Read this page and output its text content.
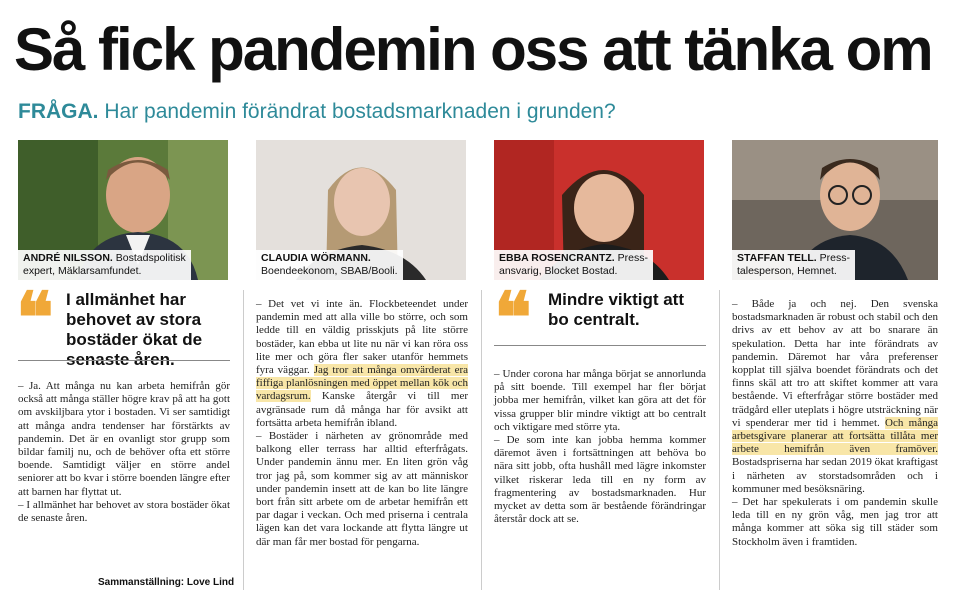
Så fick pandemin oss att tänka om
FRÅGA. Har pandemin förändrat bostadsmarknaden i grunden?
ANDRÉ NILSSON. Bostadspolitisk
expert, Mäklarsamfundet.
CLAUDIA WÖRMANN.
Boendeekonom, SBAB/Booli.
EBBA ROSENCRANTZ. Press-
ansvarig, Blocket Bostad.
STAFFAN TELL. Press-
talesperson, Hemnet.
❝ I allmänhet har behovet av stora bostäder ökat de senaste åren.

– Ja. Att många nu kan arbeta hemifrån gör också att många ställer högre krav på att ha gott om avskiljbara ytor i bostaden. Vi ser samtidigt att många andra tendenser har förstärkts av pandemin. Det är en ovanligt stor grupp som bildar familj nu, och de behöver ofta ett större boende. Samtidigt väljer en större andel seniorer att bo kvar i större boenden längre efter att barnen har flyttat ut.

– I allmänhet har behovet av stora bostäder ökat de senaste åren.

Sammanställning: Love Lind

– Det vet vi inte än. Flockbeteendet under pandemin med att alla ville bo större, och som ledde till en väldig prisskjuts på lite större bostäder, kan ebba ut lite nu när vi kan röra oss lite mer och göra fler saker utanför hemmets fyra väggar. Jag tror att många omvärderat era fiffiga planlösningen med öppet mellan kök och vardagsrum. Kanske återgår vi till mer avgränsade rum då många har för avsikt att fortsätta arbeta hemifrån ibland.

– Bostäder i närheten av grönområde med balkong eller terrass har alltid efterfrågats. Under pandemin ännu mer. En liten grön våg tror jag på, som kommer sig av att människor under pandemin insett att de kan bo lite längre bort från sitt arbete om de arbetar hemifrån ett par dagar i veckan. Och med priserna i centrala lägen kan det vara lockande att flytta längre ut där man får mer bostad för pengarna.

❝ Mindre viktigt att bo centralt.

– Under corona har många börjat se annorlunda på sitt boende. Till exempel har fler börjat jobba mer hemifrån, vilket kan göra att det för vissa grupper blir mindre viktigt att bo centralt och viktigare med större yta.

– De som inte kan jobba hemma kommer däremot även i fortsättningen att behöva bo nära sitt jobb, ofta hushåll med lägre inkomster vilket riskerar leda till en ny form av fragmentering av bostadsmarknaden. Hur mycket av detta som är bestående förändringar återstår dock att se.

– Både ja och nej. Den svenska bostadsmarknaden är robust och stabil och den drivs av ett behov av att bo snarare än spekulation. Detta har inte förändrats av pandemin. Däremot har våra preferenser kopplat till själva boendet förändrats och det finns skäl att tro att skiftet kommer att vara bestående. Vi efterfrågar större bostäder med trädgård eller uteplats i högre utsträckning när vi spenderar mer tid i hemmet. Och många arbetsgivare planerar att fortsätta tillåta mer arbete hemifrån även framöver. Bostadspriserna har sedan 2019 ökat kraftigast i närheten av storstadsområden och i kommuner med besöksnäring.

– Det har spekulerats i om pandemin skulle leda till en ny grön våg, men jag tror att många kommer att söka sig till städer som Stockholm även i framtiden.
